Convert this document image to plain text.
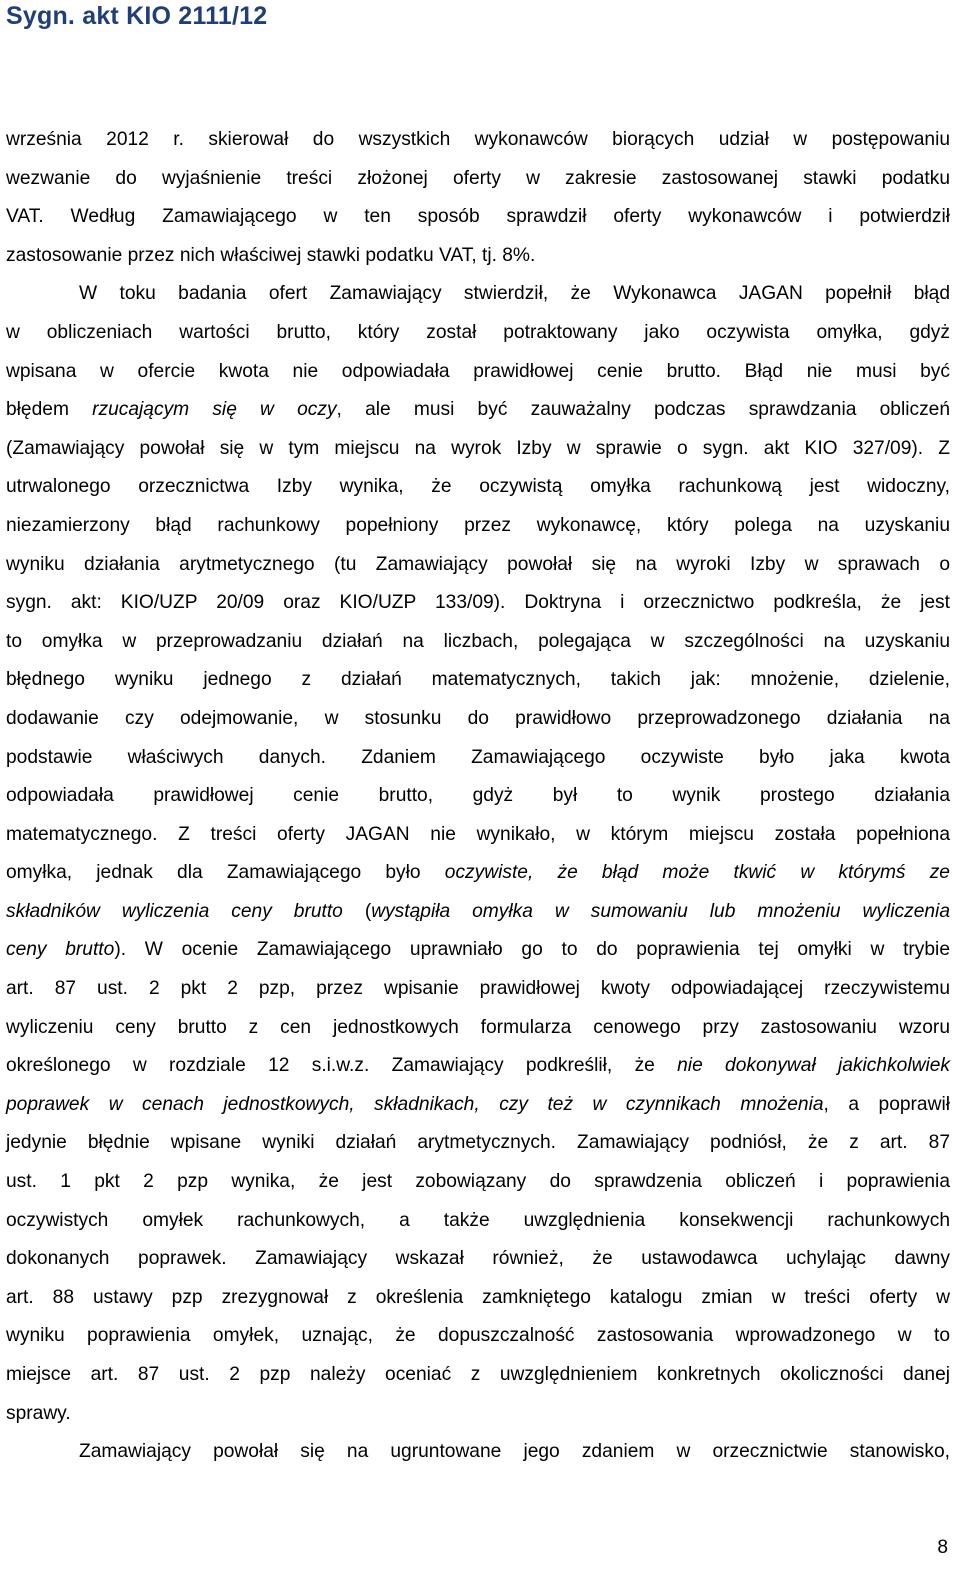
Sygn. akt KIO 2111/12
września 2012 r. skierował do wszystkich wykonawców biorących udział w postępowaniu
wezwanie do wyjaśnienie treści złożonej oferty w zakresie zastosowanej stawki podatku
VAT. Według Zamawiającego w ten sposób sprawdził oferty wykonawców i potwierdził
zastosowanie przez nich właściwej stawki podatku VAT, tj. 8%.
W toku badania ofert Zamawiający stwierdził, że Wykonawca JAGAN popełnił błąd
w obliczeniach wartości brutto, który został potraktowany jako oczywista omyłka, gdyż
wpisana w ofercie kwota nie odpowiadała prawidłowej cenie brutto. Błąd nie musi być
błędem rzucającym się w oczy, ale musi być zauważalny podczas sprawdzania obliczeń
(Zamawiający powołał się w tym miejscu na wyrok Izby w sprawie o sygn. akt KIO 327/09). Z
utrwalonego orzecznictwa Izby wynika, że oczywistą omyłka rachunkową jest widoczny,
niezamierzony błąd rachunkowy popełniony przez wykonawcę, który polega na uzyskaniu
wyniku działania arytmetycznego (tu Zamawiający powołał się na wyroki Izby w sprawach o
sygn. akt: KIO/UZP 20/09 oraz KIO/UZP 133/09). Doktryna i orzecznictwo podkreśla, że jest
to omyłka w przeprowadzaniu działań na liczbach, polegająca w szczególności na uzyskaniu
błędnego wyniku jednego z działań matematycznych, takich jak: mnożenie, dzielenie,
dodawanie czy odejmowanie, w stosunku do prawidłowo przeprowadzonego działania na
podstawie właściwych danych. Zdaniem Zamawiającego oczywiste było jaka kwota
odpowiadała prawidłowej cenie brutto, gdyż był to wynik prostego działania
matematycznego. Z treści oferty JAGAN nie wynikało, w którym miejscu została popełniona
omyłka, jednak dla Zamawiającego było oczywiste, że błąd może tkwić w którymś ze
składników wyliczenia ceny brutto (wystąpiła omyłka w sumowaniu lub mnożeniu wyliczenia
ceny brutto). W ocenie Zamawiającego uprawniało go to do poprawienia tej omyłki w trybie
art. 87 ust. 2 pkt 2 pzp, przez wpisanie prawidłowej kwoty odpowiadającej rzeczywistemu
wyliczeniu ceny brutto z cen jednostkowych formularza cenowego przy zastosowaniu wzoru
określonego w rozdziale 12 s.i.w.z. Zamawiający podkreślił, że nie dokonywał jakichkolwiek
poprawek w cenach jednostkowych, składnikach, czy też w czynnikach mnożenia, a poprawił
jedynie błędnie wpisane wyniki działań arytmetycznych. Zamawiający podniósł, że z art. 87
ust. 1 pkt 2 pzp wynika, że jest zobowiązany do sprawdzenia obliczeń i poprawienia
oczywistych omyłek rachunkowych, a także uwzględnienia konsekwencji rachunkowych
dokonanych poprawek. Zamawiający wskazał również, że ustawodawca uchylając dawny
art. 88 ustawy pzp zrezygnował z określenia zamkniętego katalogu zmian w treści oferty w
wyniku poprawienia omyłek, uznając, że dopuszczalność zastosowania wprowadzonego w to
miejsce art. 87 ust. 2 pzp należy oceniać z uwzględnieniem konkretnych okoliczności danej
sprawy.
Zamawiający powołał się na ugruntowane jego zdaniem w orzecznictwie stanowisko,
8
